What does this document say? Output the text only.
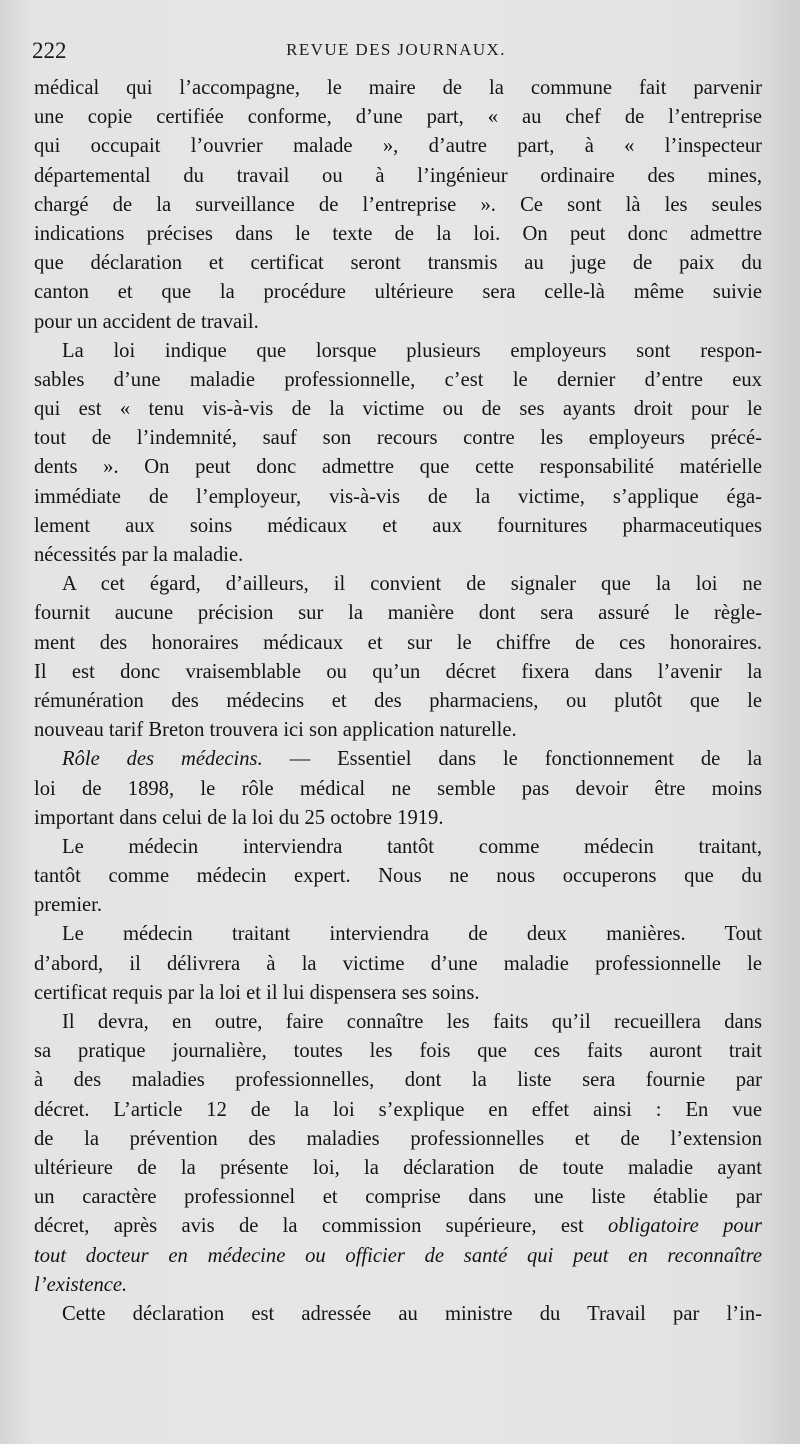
222	REVUE DES JOURNAUX.
médical qui l’accompagne, le maire de la commune fait parvenir
une copie certifiée conforme, d’une part, « au chef de l’entreprise
qui occupait l’ouvrier malade », d’autre part, à « l’inspecteur
départemental du travail ou à l’ingénieur ordinaire des mines,
chargé de la surveillance de l’entreprise ». Ce sont là les seules
indications précises dans le texte de la loi. On peut donc admettre
que déclaration et certificat seront transmis au juge de paix du
canton et que la procédure ultérieure sera celle-là même suivie
pour un accident de travail.
La loi indique que lorsque plusieurs employeurs sont respon-
sables d’une maladie professionnelle, c’est le dernier d’entre eux
qui est « tenu vis-à-vis de la victime ou de ses ayants droit pour le
tout de l’indemnité, sauf son recours contre les employeurs précé-
dents ». On peut donc admettre que cette responsabilité matérielle
immédiate de l’employeur, vis-à-vis de la victime, s’applique éga-
lement aux soins médicaux et aux fournitures pharmaceutiques
nécessités par la maladie.
A cet égard, d’ailleurs, il convient de signaler que la loi ne
fournit aucune précision sur la manière dont sera assuré le règle-
ment des honoraires médicaux et sur le chiffre de ces honoraires.
Il est donc vraisemblable ou qu’un décret fixera dans l’avenir la
rémunération des médecins et des pharmaciens, ou plutôt que le
nouveau tarif Breton trouvera ici son application naturelle.
Rôle des médecins. — Essentiel dans le fonctionnement de la
loi de 1898, le rôle médical ne semble pas devoir être moins
important dans celui de la loi du 25 octobre 1919.
Le médecin interviendra tantôt comme médecin traitant,
tantôt comme médecin expert. Nous ne nous occuperons que du
premier.
Le médecin traitant interviendra de deux manières. Tout
d’abord, il délivrera à la victime d’une maladie professionnelle le
certificat requis par la loi et il lui dispensera ses soins.
Il devra, en outre, faire connaître les faits qu’il recueillera dans
sa pratique journalière, toutes les fois que ces faits auront trait
à des maladies professionnelles, dont la liste sera fournie par
décret. L’article 12 de la loi s’explique en effet ainsi : En vue
de la prévention des maladies professionnelles et de l’extension
ultérieure de la présente loi, la déclaration de toute maladie ayant
un caractère professionnel et comprise dans une liste établie par
décret, après avis de la commission supérieure, est obligatoire pour
tout docteur en médecine ou officier de santé qui peut en reconnaître
l’existence.
Cette déclaration est adressée au ministre du Travail par l’in-
